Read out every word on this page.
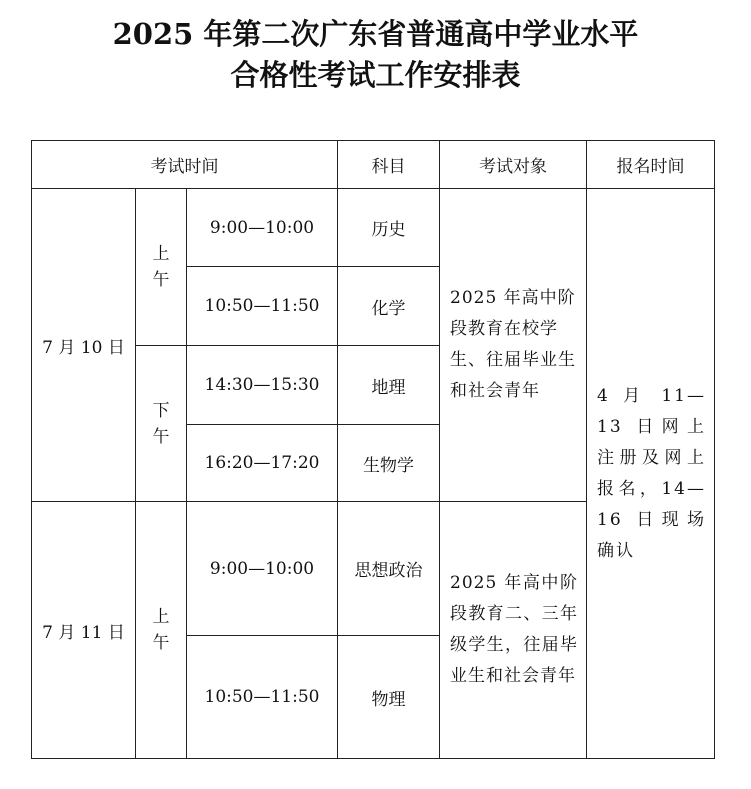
2025 年第二次广东省普通高中学业水平
合格性考试工作安排表
考试时间			科目	考试对象	报名时间
7 月 10 日	上午	9:00—10:00	历史	2025 年高中阶段教育在校学生、往届毕业生和社会青年	4 月 11—13 日网上注册及网上报名，14—16 日现场确认
		10:50—11:50	化学		
	下午	14:30—15:30	地理		
		16:20—17:20	生物学		
7 月 11 日	上午	9:00—10:00	思想政治	2025 年高中阶段教育二、三年级学生，往届毕业生和社会青年	
		10:50—11:50	物理		
